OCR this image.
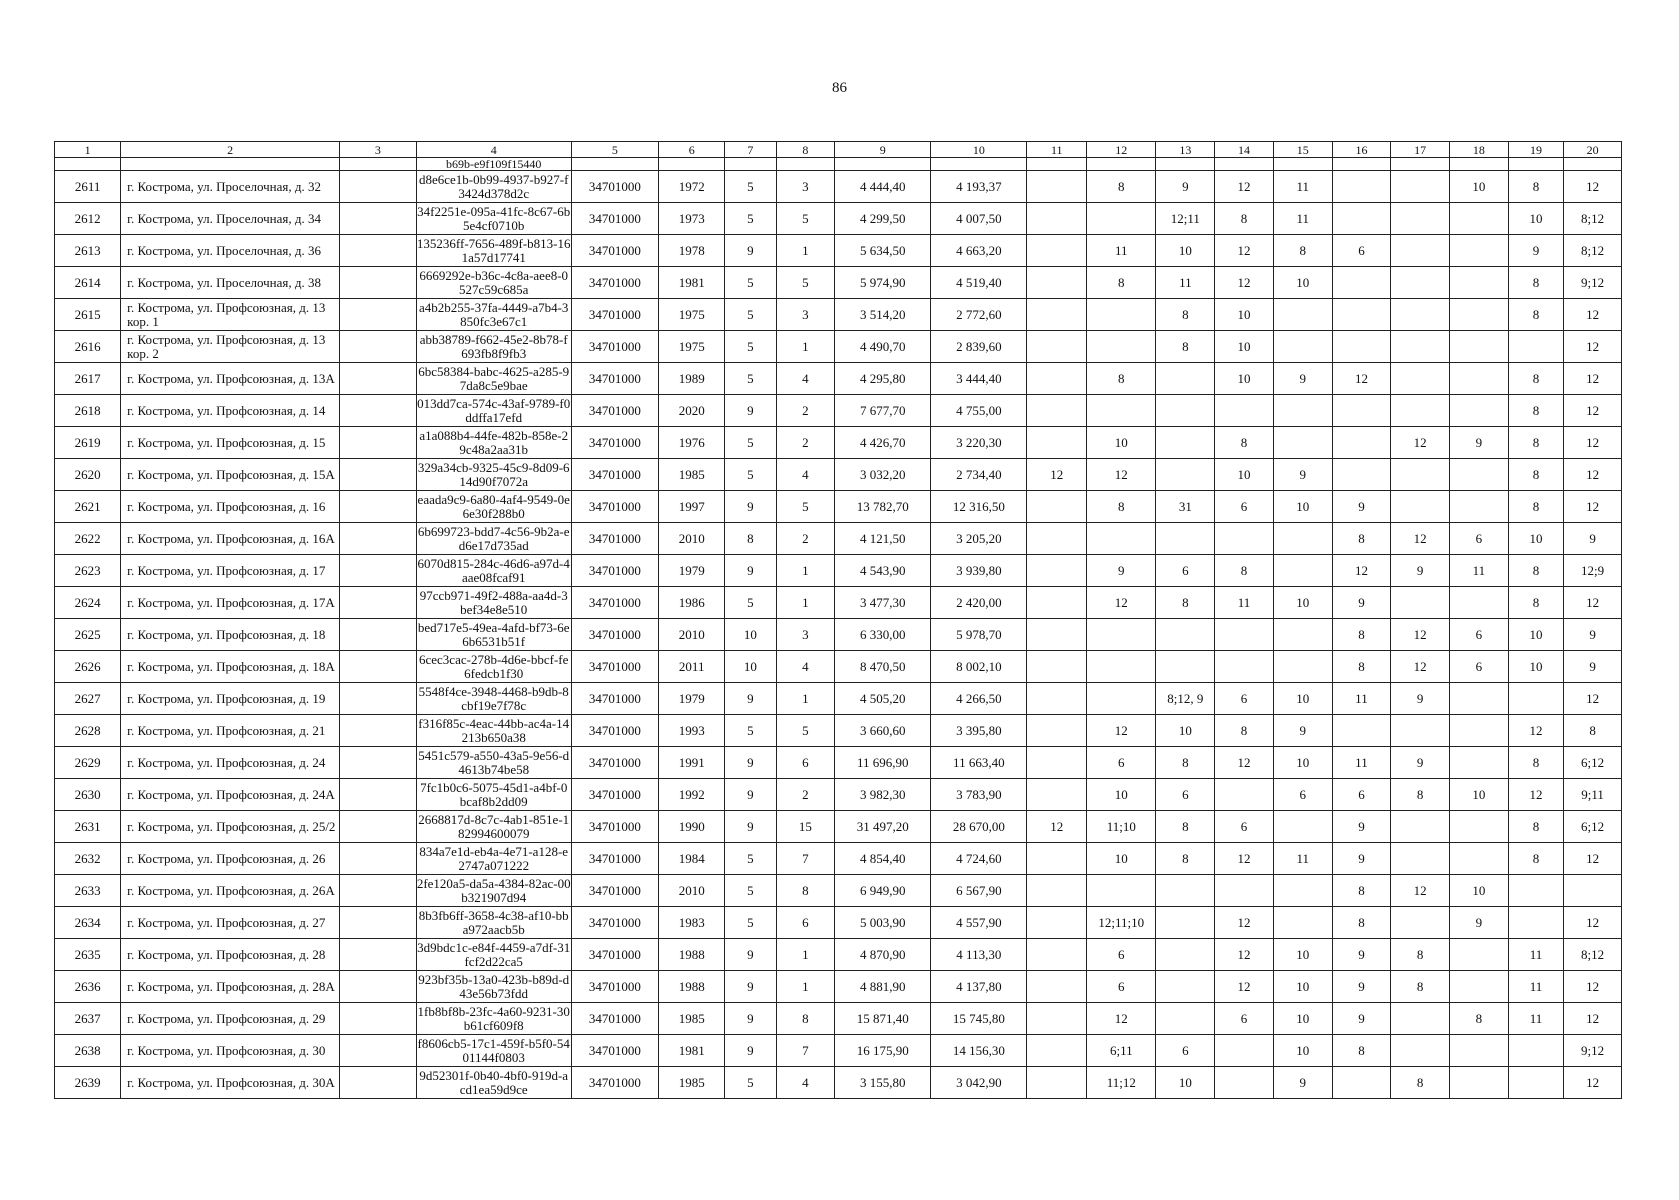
86
1	2	3	4	5	6	7	8	9	10	11	12	13	14	15	16	17	18	19	20
			b69b-e9f109f15440																
2611	г. Кострома, ул. Проселочная, д. 32		d8e6ce1b-0b99-4937-b927-f3424d378d2c	34701000	1972	5	3	4 444,40	4 193,37		8	9	12	11			10	8	12
2612	г. Кострома, ул. Проселочная, д. 34		34f2251e-095a-41fc-8c67-6b5e4cf0710b	34701000	1973	5	5	4 299,50	4 007,50			12;11	8	11				10	8;12
2613	г. Кострома, ул. Проселочная, д. 36		135236ff-7656-489f-b813-161a57d17741	34701000	1978	9	1	5 634,50	4 663,20		11	10	12	8	6			9	8;12
2614	г. Кострома, ул. Проселочная, д. 38		6669292e-b36c-4c8a-aee8-0527c59c685a	34701000	1981	5	5	5 974,90	4 519,40		8	11	12	10				8	9;12
2615	г. Кострома, ул. Профсоюзная, д. 13 кор. 1		a4b2b255-37fa-4449-a7b4-3850fc3e67c1	34701000	1975	5	3	3 514,20	2 772,60			8	10					8	12
2616	г. Кострома, ул. Профсоюзная, д. 13 кор. 2		abb38789-f662-45e2-8b78-f693fb8f9fb3	34701000	1975	5	1	4 490,70	2 839,60			8	10						12
2617	г. Кострома, ул. Профсоюзная, д. 13А		6bc58384-babc-4625-a285-97da8c5e9bae	34701000	1989	5	4	4 295,80	3 444,40		8		10	9	12			8	12
2618	г. Кострома, ул. Профсоюзная, д. 14		013dd7ca-574c-43af-9789-f0ddffa17efd	34701000	2020	9	2	7 677,70	4 755,00									8	12
2619	г. Кострома, ул. Профсоюзная, д. 15		a1a088b4-44fe-482b-858e-29c48a2aa31b	34701000	1976	5	2	4 426,70	3 220,30		10		8			12	9	8	12
2620	г. Кострома, ул. Профсоюзная, д. 15А		329a34cb-9325-45c9-8d09-614d90f7072a	34701000	1985	5	4	3 032,20	2 734,40	12	12		10	9				8	12
2621	г. Кострома, ул. Профсоюзная, д. 16		eaada9c9-6a80-4af4-9549-0e6e30f288b0	34701000	1997	9	5	13 782,70	12 316,50		8	31	6	10	9			8	12
2622	г. Кострома, ул. Профсоюзная, д. 16А		6b699723-bdd7-4c56-9b2a-ed6e17d735ad	34701000	2010	8	2	4 121,50	3 205,20						8	12	6	10	9
2623	г. Кострома, ул. Профсоюзная, д. 17		6070d815-284c-46d6-a97d-4aae08fcaf91	34701000	1979	9	1	4 543,90	3 939,80		9	6	8		12	9	11	8	12;9
2624	г. Кострома, ул. Профсоюзная, д. 17А		97ccb971-49f2-488a-aa4d-3bef34e8e510	34701000	1986	5	1	3 477,30	2 420,00		12	8	11	10	9			8	12
2625	г. Кострома, ул. Профсоюзная, д. 18		bed717e5-49ea-4afd-bf73-6e6b6531b51f	34701000	2010	10	3	6 330,00	5 978,70						8	12	6	10	9
2626	г. Кострома, ул. Профсоюзная, д. 18А		6cec3cac-278b-4d6e-bbcf-fe6fedcb1f30	34701000	2011	10	4	8 470,50	8 002,10						8	12	6	10	9
2627	г. Кострома, ул. Профсоюзная, д. 19		5548f4ce-3948-4468-b9db-8cbf19e7f78c	34701000	1979	9	1	4 505,20	4 266,50			8;12, 9	6	10	11	9			12
2628	г. Кострома, ул. Профсоюзная, д. 21		f316f85c-4eac-44bb-ac4a-14213b650a38	34701000	1993	5	5	3 660,60	3 395,80		12	10	8	9				12	8
2629	г. Кострома, ул. Профсоюзная, д. 24		5451c579-a550-43a5-9e56-d4613b74be58	34701000	1991	9	6	11 696,90	11 663,40		6	8	12	10	11	9		8	6;12
2630	г. Кострома, ул. Профсоюзная, д. 24А		7fc1b0c6-5075-45d1-a4bf-0bcaf8b2dd09	34701000	1992	9	2	3 982,30	3 783,90		10	6		6	6	8	10	12	9;11
2631	г. Кострома, ул. Профсоюзная, д. 25/2		2668817d-8c7c-4ab1-851e-182994600079	34701000	1990	9	15	31 497,20	28 670,00	12	11;10	8	6		9			8	6;12
2632	г. Кострома, ул. Профсоюзная, д. 26		834a7e1d-eb4a-4e71-a128-e2747a071222	34701000	1984	5	7	4 854,40	4 724,60		10	8	12	11	9			8	12
2633	г. Кострома, ул. Профсоюзная, д. 26А		2fe120a5-da5a-4384-82ac-00b321907d94	34701000	2010	5	8	6 949,90	6 567,90						8	12	10		
2634	г. Кострома, ул. Профсоюзная, д. 27		8b3fb6ff-3658-4c38-af10-bba972aacb5b	34701000	1983	5	6	5 003,90	4 557,90		12;11;10		12		8		9		12
2635	г. Кострома, ул. Профсоюзная, д. 28		3d9bdc1c-e84f-4459-a7df-31fcf2d22ca5	34701000	1988	9	1	4 870,90	4 113,30		6		12	10	9	8		11	8;12
2636	г. Кострома, ул. Профсоюзная, д. 28А		923bf35b-13a0-423b-b89d-d43e56b73fdd	34701000	1988	9	1	4 881,90	4 137,80		6		12	10	9	8		11	12
2637	г. Кострома, ул. Профсоюзная, д. 29		1fb8bf8b-23fc-4a60-9231-30b61cf609f8	34701000	1985	9	8	15 871,40	15 745,80		12		6	10	9		8	11	12
2638	г. Кострома, ул. Профсоюзная, д. 30		f8606cb5-17c1-459f-b5f0-5401144f0803	34701000	1981	9	7	16 175,90	14 156,30		6;11	6		10	8				9;12
2639	г. Кострома, ул. Профсоюзная, д. 30А		9d52301f-0b40-4bf0-919d-acd1ea59d9ce	34701000	1985	5	4	3 155,80	3 042,90		11;12	10		9		8			12
